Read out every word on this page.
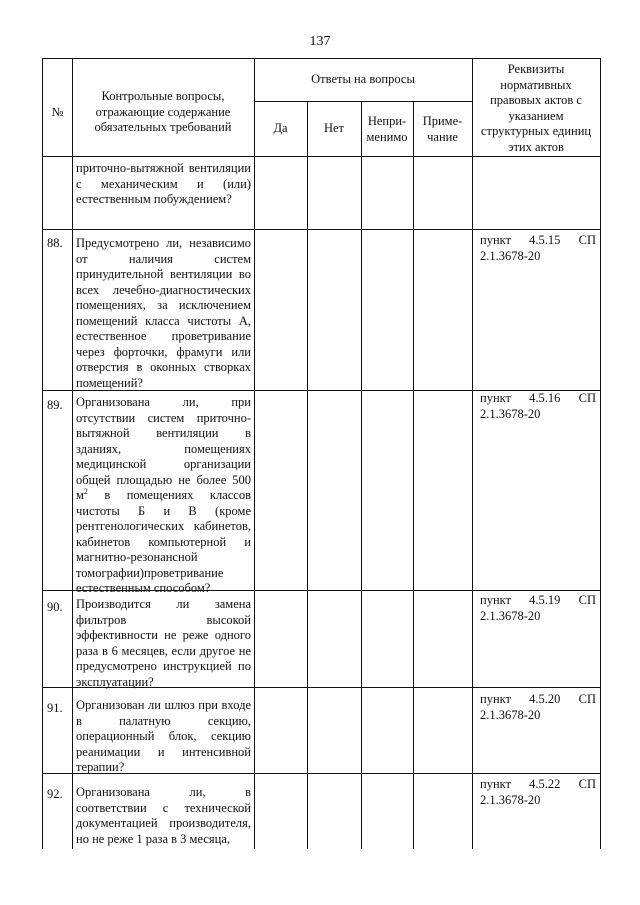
137
№
Контрольные вопросы, отражающие содержание обязательных требований
Ответы на вопросы
Да	Нет	Непри-менимо
Приме-чание
Реквизиты нормативных правовых актов с указанием структурных единиц этих актов
приточно-вытяжной вентиляции с механическим и (или) естественным побуждением?
88. Предусмотрено ли, независимо от наличия систем принудительной вентиляции во всех лечебно-диагностических помещениях, за исключением помещений класса чистоты А, естественное проветривание через форточки, фрамуги или отверстия в оконных створках помещений?
пункт 4.5.15 СП 2.1.3678-20
89. Организована ли, при отсутствии систем приточно-вытяжной вентиляции в зданиях, помещениях медицинской организации общей площадью не более 500 $м^2$ в помещениях классов чистоты Б и В (кроме рентгенологических кабинетов, кабинетов компьютерной и магнитно-резонансной томографии)проветривание естественным способом?
пункт 4.5.16 СП 2.1.3678-20
90. Производится ли замена фильтров высокой эффективности не реже одного раза в 6 месяцев, если другое не предусмотрено инструкцией по эксплуатации?
пункт 4.5.19 СП 2.1.3678-20
91. Организован ли шлюз при входе в палатную секцию, операционный блок, секцию реанимации и интенсивной терапии?
пункт 4.5.20 СП 2.1.3678-20
92. Организована ли, в соответствии с технической документацией производителя, но не реже 1 раза в 3 месяца,
пункт 4.5.22 СП 2.1.3678-20
